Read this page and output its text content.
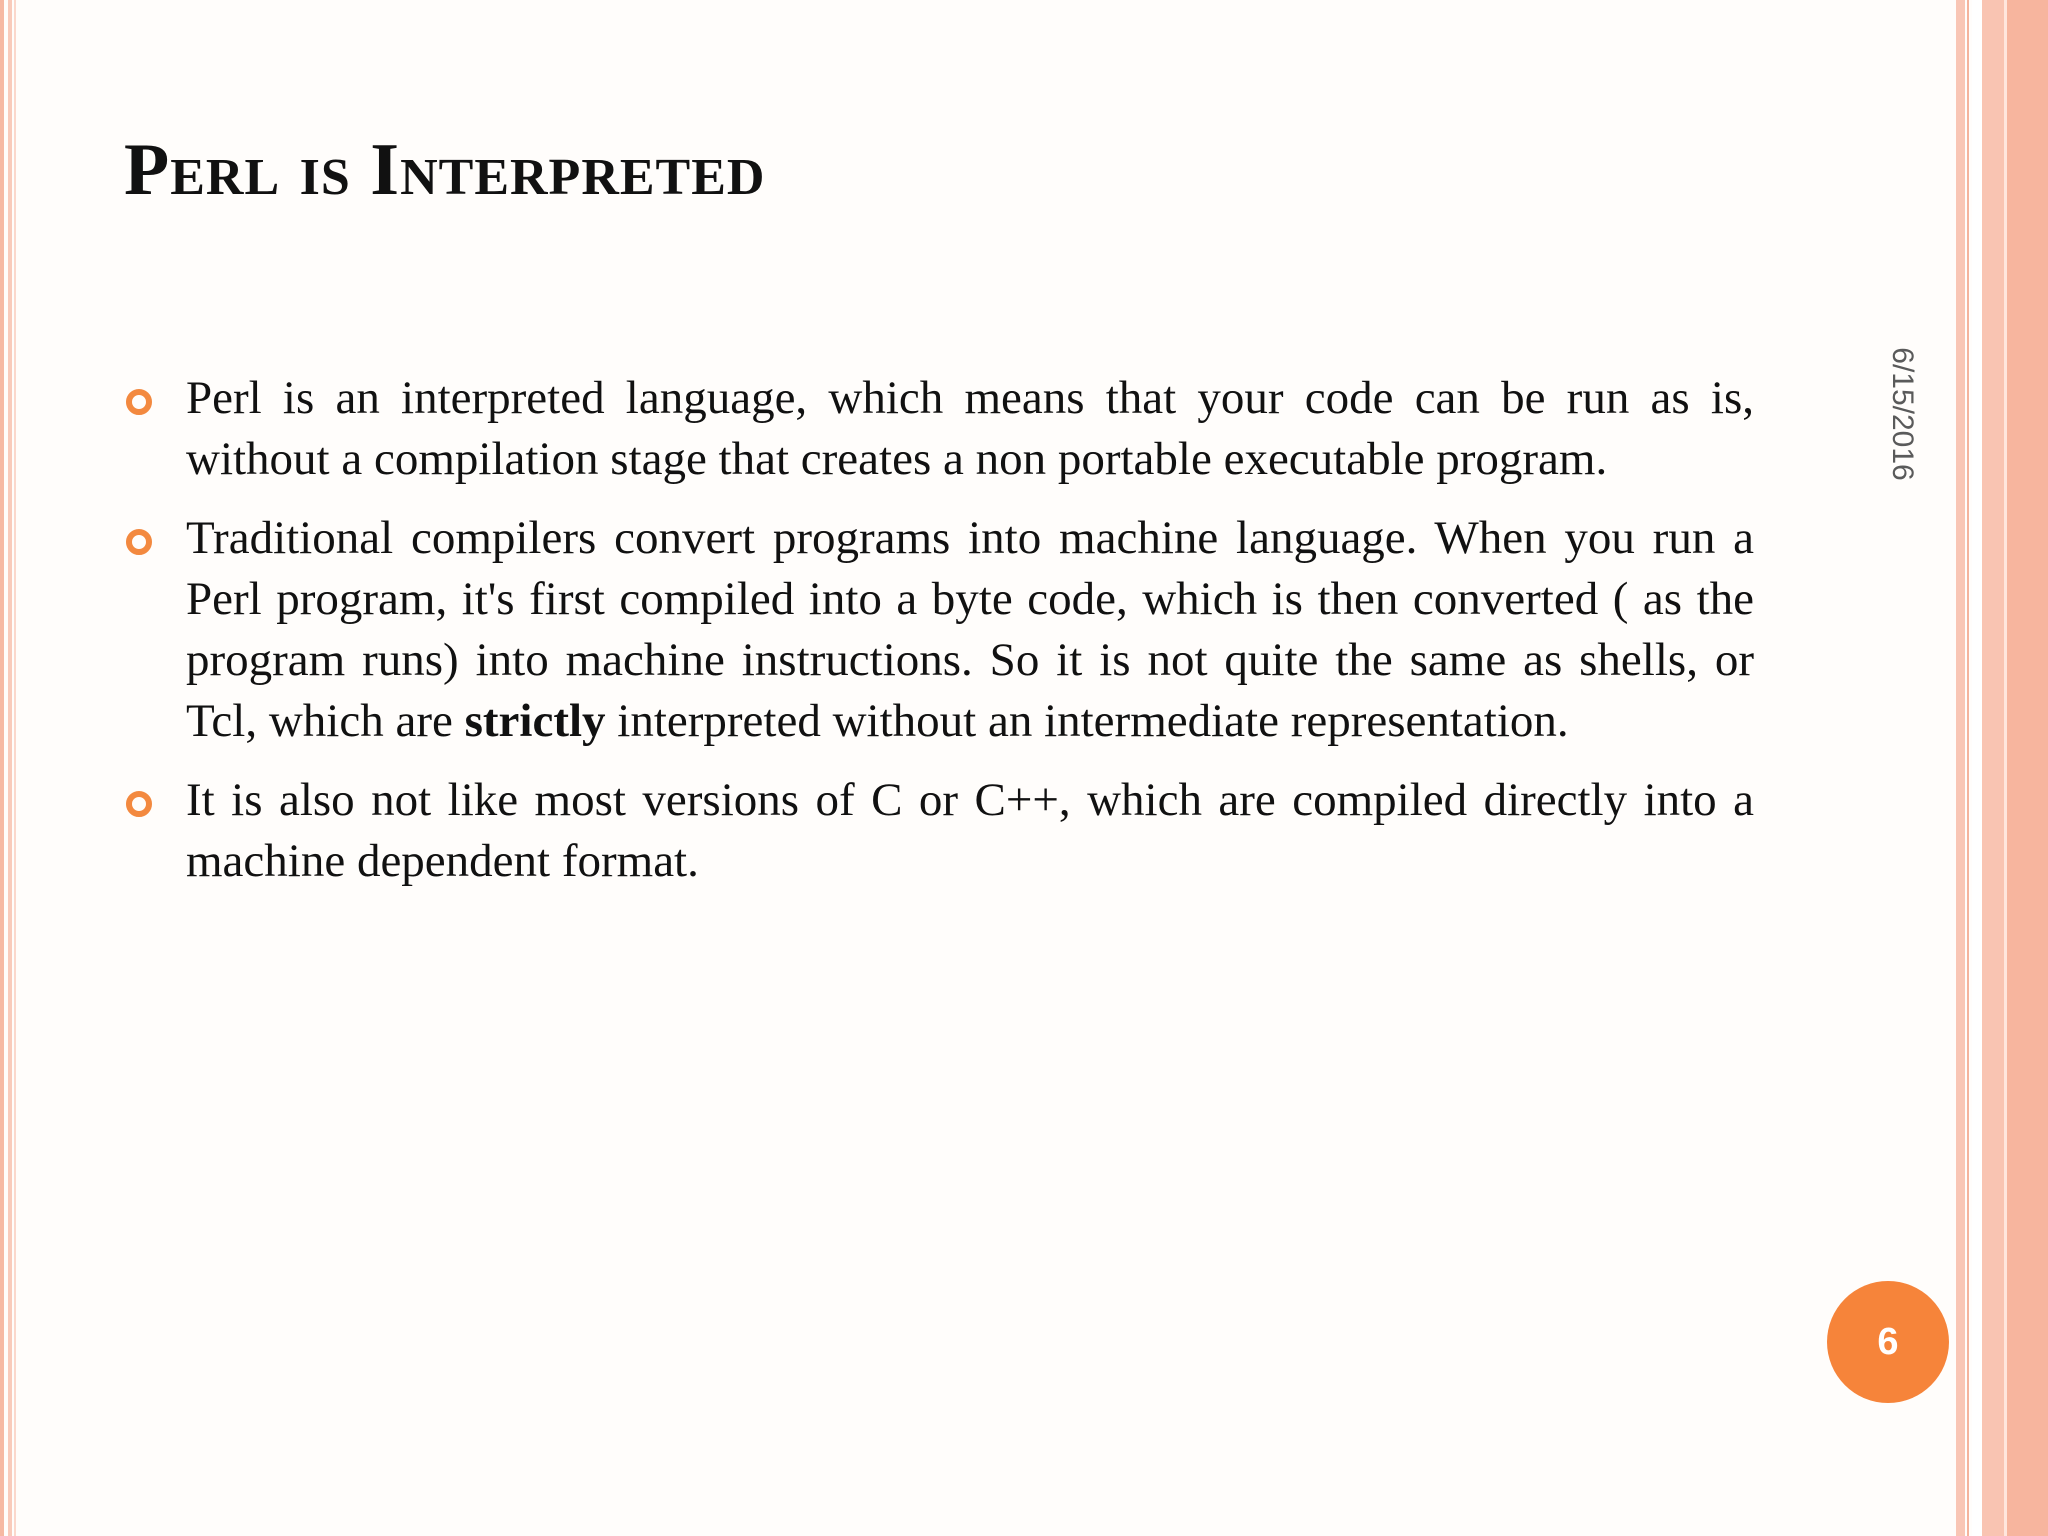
Perl is Interpreted
6/15/2016
Perl is an interpreted language, which means that your code can be run as is, without a compilation stage that creates a non portable executable program.
Traditional compilers convert programs into machine language. When you run a Perl program, it's first compiled into a byte code, which is then converted ( as the program runs) into machine instructions. So it is not quite the same as shells, or Tcl, which are strictly interpreted without an intermediate representation.
It is also not like most versions of C or C++, which are compiled directly into a machine dependent format.
6
